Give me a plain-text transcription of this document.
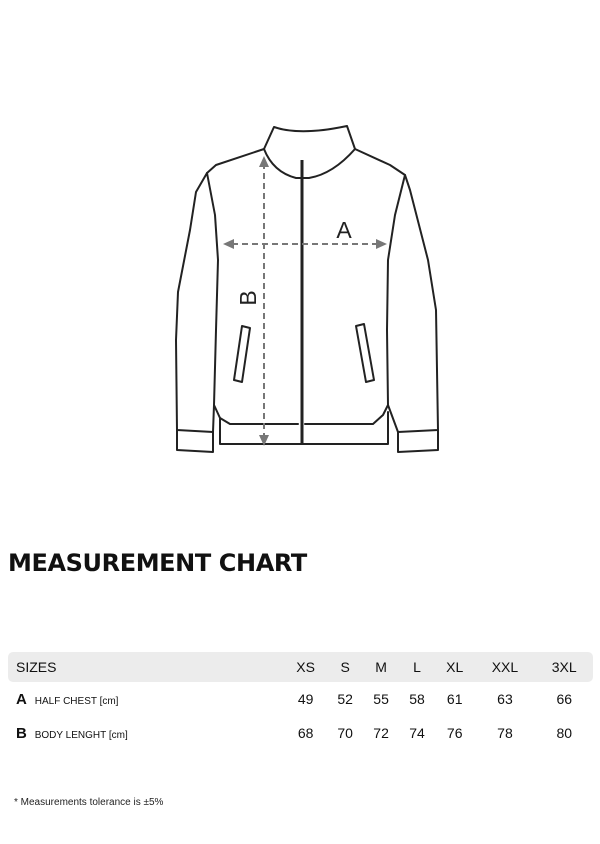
A
B
MEASUREMENT CHART
SIZES	XS	S	M	L	XL	XXL	3XL
A HALF CHEST [cm]	49	52	55	58	61	63	66
B BODY LENGHT [cm]	68	70	72	74	76	78	80

* Measurements tolerance is ±5%
